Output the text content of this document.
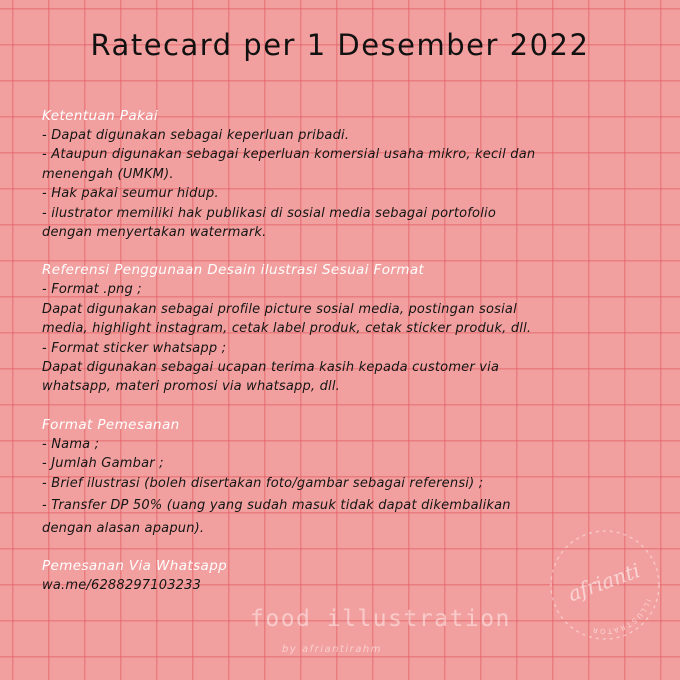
Ratecard per 1 Desember 2022
Ketentuan Pakai
- Dapat digunakan sebagai keperluan pribadi.
- Ataupun digunakan sebagai keperluan komersial usaha mikro, kecil dan
menengah (UMKM).
- Hak pakai seumur hidup.
- ilustrator memiliki hak publikasi di sosial media sebagai portofolio
dengan menyertakan watermark.
Referensi Penggunaan Desain ilustrasi Sesuai Format
- Format .png ;
Dapat digunakan sebagai profile picture sosial media, postingan sosial
media, highlight instagram, cetak label produk, cetak sticker produk, dll.
- Format sticker whatsapp ;
Dapat digunakan sebagai ucapan terima kasih kepada customer via
whatsapp, materi promosi via whatsapp, dll.
Format Pemesanan
- Nama ;
- Jumlah Gambar ;
- Brief ilustrasi (boleh disertakan foto/gambar sebagai referensi) ;
- Transfer DP 50% (uang yang sudah masuk tidak dapat dikembalikan
dengan alasan apapun).
Pemesanan Via Whatsapp
wa.me/6288297103233
food illustration
by afriantirahm
ILLUSTRATOR
afrianti
